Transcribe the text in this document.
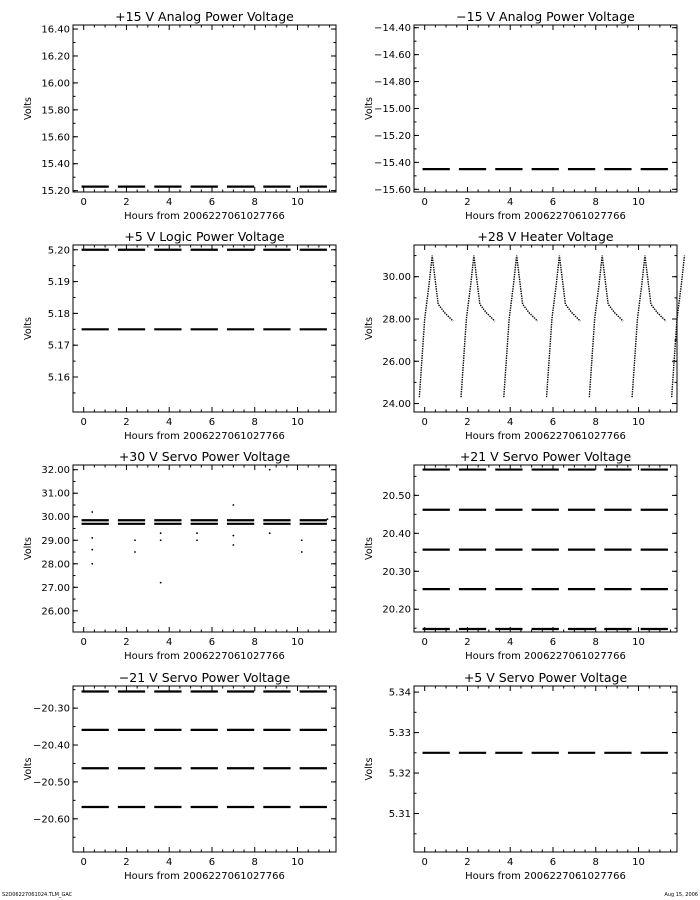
+15 V Analog Power Voltage
Hours from 2006227061027766
Volts
0	2	4	6	8	10
15.20
15.40
15.60
15.80
16.00
16.20
16.40
−15 V Analog Power Voltage
Hours from 2006227061027766
Volts
0	2	4	6	8	10
−14.40
−14.60
−14.80
−15.00
−15.20
−15.40
−15.60
+5 V Logic Power Voltage
Hours from 2006227061027766
Volts
0	2	4	6	8	10
5.16
5.17
5.18
5.19
5.20
+28 V Heater Voltage
Hours from 2006227061027766
Volts
0	2	4	6	8	10
24.00
26.00
28.00
30.00
+30 V Servo Power Voltage
Hours from 2006227061027766
Volts
0	2	4	6	8	10
26.00
27.00
28.00
29.00
30.00
31.00
32.00
+21 V Servo Power Voltage
Hours from 2006227061027766
Volts
0	2	4	6	8	10
20.20
20.30
20.40
20.50
−21 V Servo Power Voltage
Hours from 2006227061027766
Volts
0	2	4	6	8	10
−20.30
−20.40
−20.50
−20.60
+5 V Servo Power Voltage
Hours from 2006227061027766
Volts
0	2	4	6	8	10
5.31
5.32
5.33
5.34
S2D06227061024.TLM_GAC	Aug 15, 2006
